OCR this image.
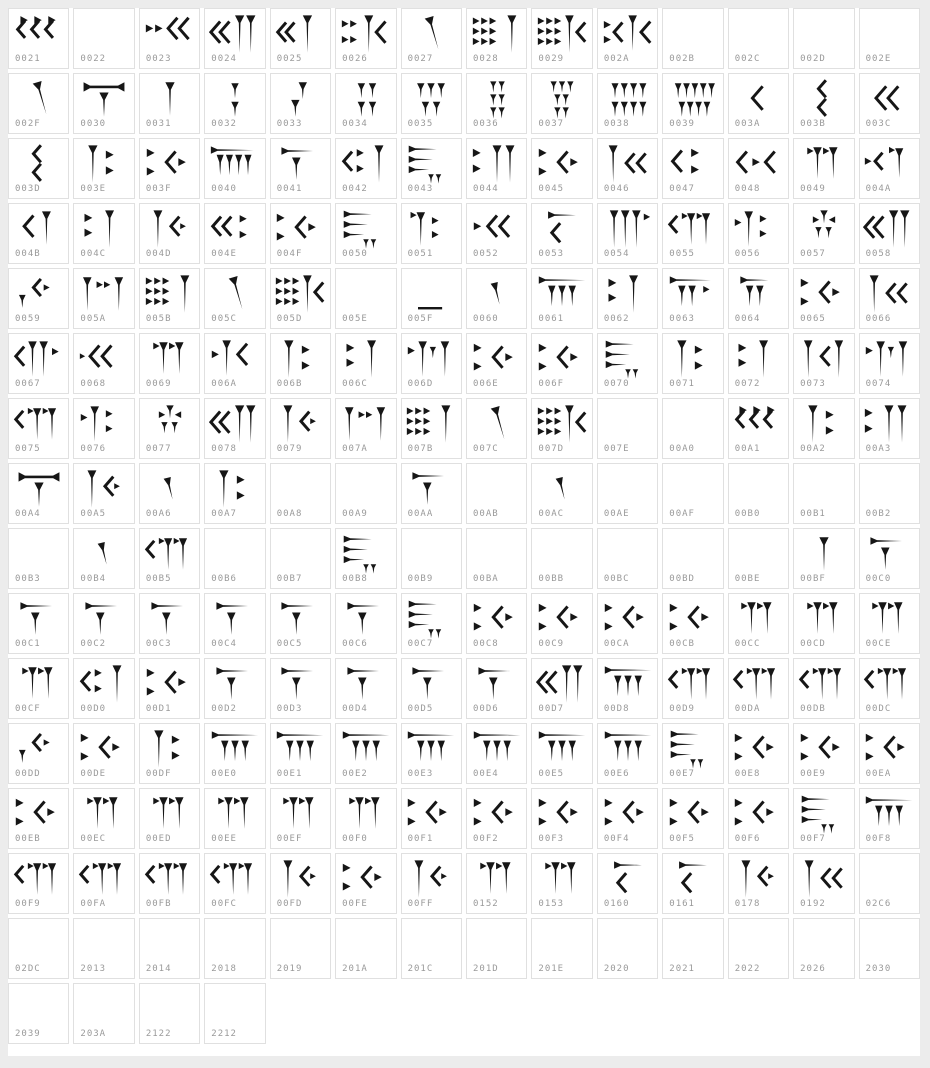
0021	0022	0023	0024	0025	0026	0027	0028	0029	002A	002B	002C	002D	002E
002F	0030	0031	0032	0033	0034	0035	0036	0037	0038	0039	003A	003B	003C
003D	003E	003F	0040	0041	0042	0043	0044	0045	0046	0047	0048	0049	004A
004B	004C	004D	004E	004F	0050	0051	0052	0053	0054	0055	0056	0057	0058
0059	005A	005B	005C	005D	005E	005F	0060	0061	0062	0063	0064	0065	0066
0067	0068	0069	006A	006B	006C	006D	006E	006F	0070	0071	0072	0073	0074
0075	0076	0077	0078	0079	007A	007B	007C	007D	007E	00A0	00A1	00A2	00A3
00A4	00A5	00A6	00A7	00A8	00A9	00AA	00AB	00AC	00AE	00AF	00B0	00B1	00B2
00B3	00B4	00B5	00B6	00B7	00B8	00B9	00BA	00BB	00BC	00BD	00BE	00BF	00C0
00C1	00C2	00C3	00C4	00C5	00C6	00C7	00C8	00C9	00CA	00CB	00CC	00CD	00CE
00CF	00D0	00D1	00D2	00D3	00D4	00D5	00D6	00D7	00D8	00D9	00DA	00DB	00DC
00DD	00DE	00DF	00E0	00E1	00E2	00E3	00E4	00E5	00E6	00E7	00E8	00E9	00EA
00EB	00EC	00ED	00EE	00EF	00F0	00F1	00F2	00F3	00F4	00F5	00F6	00F7	00F8
00F9	00FA	00FB	00FC	00FD	00FE	00FF	0152	0153	0160	0161	0178	0192	02C6
02DC	2013	2014	2018	2019	201A	201C	201D	201E	2020	2021	2022	2026	2030
2039	203A	2122	2212
